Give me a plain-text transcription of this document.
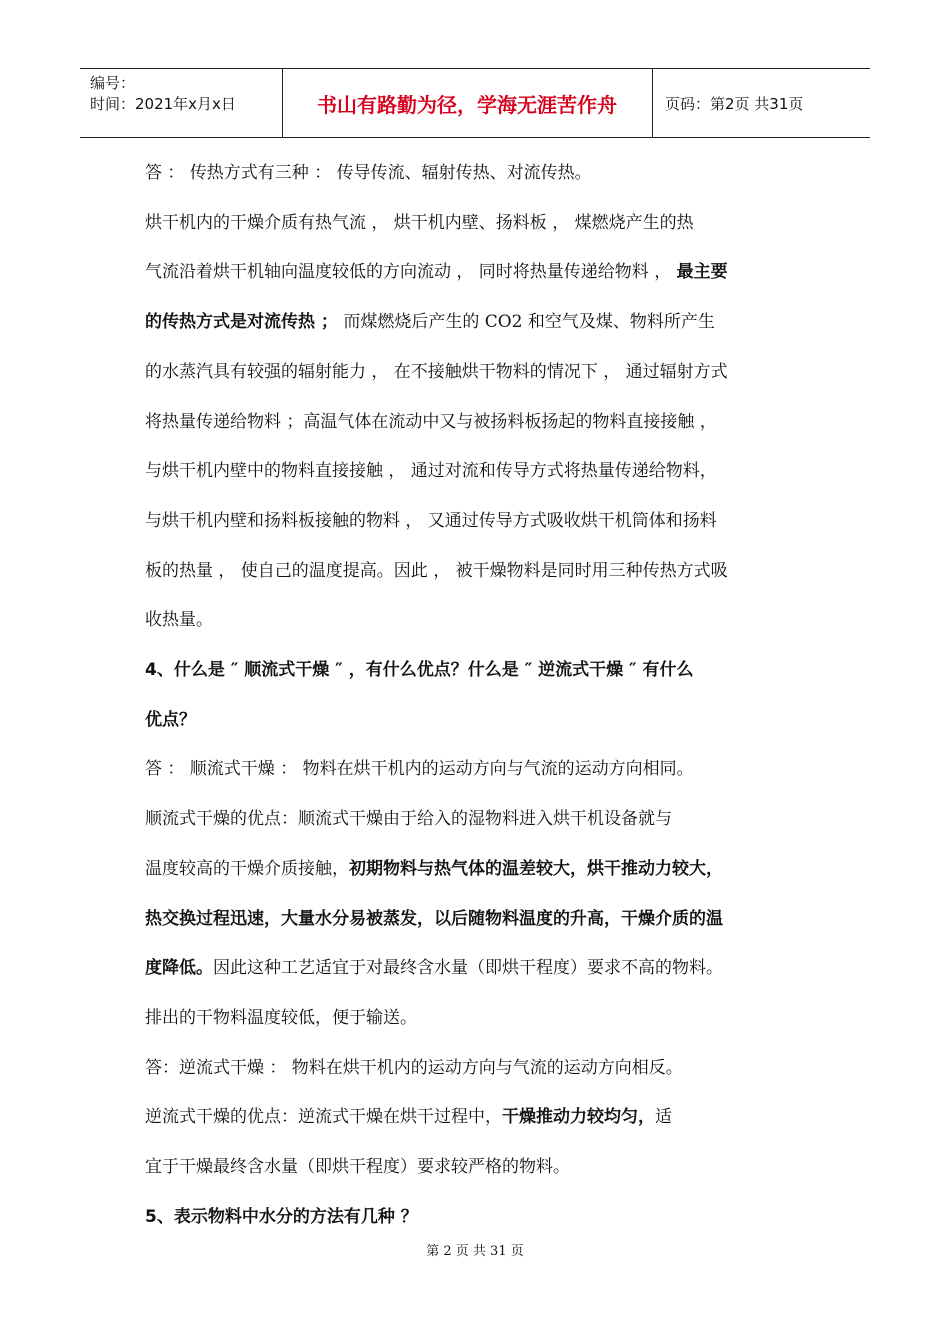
编号：
时间：2021年x月x日	书山有路勤为径，学海无涯苦作舟	页码：第2页 共31页
答 ： 传热方式有三种 ： 传导传流、辐射传热、对流传热。
烘干机内的干燥介质有热气流 ， 烘干机内壁、扬料板 ， 煤燃烧产生的热
气流沿着烘干机轴向温度较低的方向流动 ， 同时将热量传递给物料 ， 最主要
的传热方式是对流传热 ； 而煤燃烧后产生的 CO2 和空气及煤、物料所产生
的水蒸汽具有较强的辐射能力 ， 在不接触烘干物料的情况下 ， 通过辐射方式
将热量传递给物料 ；高温气体在流动中又与被扬料板扬起的物料直接接触 ，
与烘干机内壁中的物料直接接触 ， 通过对流和传导方式将热量传递给物料，
与烘干机内壁和扬料板接触的物料 ， 又通过传导方式吸收烘干机筒体和扬料
板的热量 ， 使自己的温度提高。因此 ， 被干燥物料是同时用三种传热方式吸
收热量。
4、什么是 ″ 顺流式干燥 ″ ，有什么优点？什么是 ″ 逆流式干燥 ″ 有什么
优点？
答 ： 顺流式干燥 ： 物料在烘干机内的运动方向与气流的运动方向相同。
顺流式干燥的优点：顺流式干燥由于给入的湿物料进入烘干机设备就与
温度较高的干燥介质接触，初期物料与热气体的温差较大，烘干推动力较大，
热交换过程迅速，大量水分易被蒸发，以后随物料温度的升高，干燥介质的温
度降低。因此这种工艺适宜于对最终含水量（即烘干程度）要求不高的物料。
排出的干物料温度较低，便于输送。
答：逆流式干燥 ： 物料在烘干机内的运动方向与气流的运动方向相反。
逆流式干燥的优点：逆流式干燥在烘干过程中，干燥推动力较均匀，适
宜于干燥最终含水量（即烘干程度）要求较严格的物料。
5、表示物料中水分的方法有几种 ？
第 2 页 共 31 页
